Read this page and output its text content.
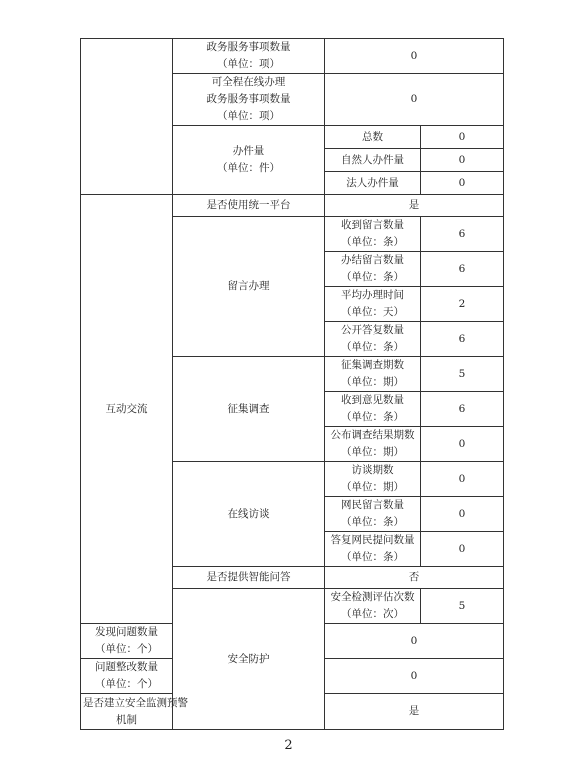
	政务服务事项数量
（单位：项）	0	

	可全程在线办理
政务服务事项数量
（单位：项）	0	

	办件量
（单位：件）	总数	0
		自然人办件量	0
		法人办件量	0
互动交流	是否使用统一平台	是	
	留言办理	收到留言数量
（单位：条）	6

		办结留言数量
（单位：条）	6

		平均办理时间
（单位：天）	2

		公开答复数量
（单位：条）	6
	征集调查	征集调查期数
（单位：期）	5

		收到意见数量
（单位：条）	6

		公布调查结果期数
（单位：期）	0
	在线访谈	访谈期数
（单位：期）	0

		网民留言数量
（单位：条）	0

		答复网民提问数量
（单位：条）	0
	是否提供智能问答	否	
	安全防护	安全检测评估次数
（单位：次）	5

发现问题数量
（单位：个）		0	

问题整改数量
（单位：个）		0	

是否建立安全监测预警
机制		是	
2
